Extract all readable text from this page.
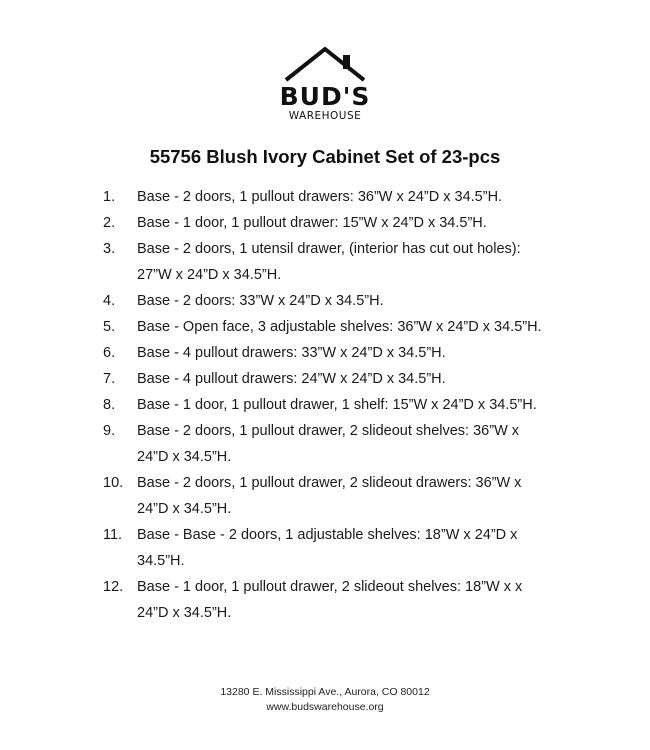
BUD'S
WAREHOUSE
55756 Blush Ivory Cabinet Set of 23-pcs
1. Base - 2 doors, 1 pullout drawers: 36”W x 24”D x 34.5”H.
2. Base - 1 door, 1 pullout drawer: 15”W x 24”D x 34.5”H.
3. Base - 2 doors, 1 utensil drawer, (interior has cut out holes): 27”W x 24”D x 34.5”H.
4. Base - 2 doors: 33”W x 24”D x 34.5”H.
5. Base - Open face, 3 adjustable shelves: 36”W x 24”D x 34.5”H.
6. Base - 4 pullout drawers: 33”W x 24”D x 34.5”H.
7. Base - 4 pullout drawers: 24”W x 24”D x 34.5”H.
8. Base - 1 door, 1 pullout drawer, 1 shelf: 15”W x 24”D x 34.5”H.
9. Base - 2 doors, 1 pullout drawer, 2 slideout shelves: 36”W x 24”D x 34.5”H.
10. Base - 2 doors, 1 pullout drawer, 2 slideout drawers: 36”W x 24”D x 34.5”H.
11. Base - Base - 2 doors, 1 adjustable shelves: 18”W x 24”D x 34.5”H.
12. Base - 1 door, 1 pullout drawer, 2 slideout shelves: 18”W x x 24”D x 34.5”H.
13280 E. Mississippi Ave., Aurora, CO 80012
www.budswarehouse.org
